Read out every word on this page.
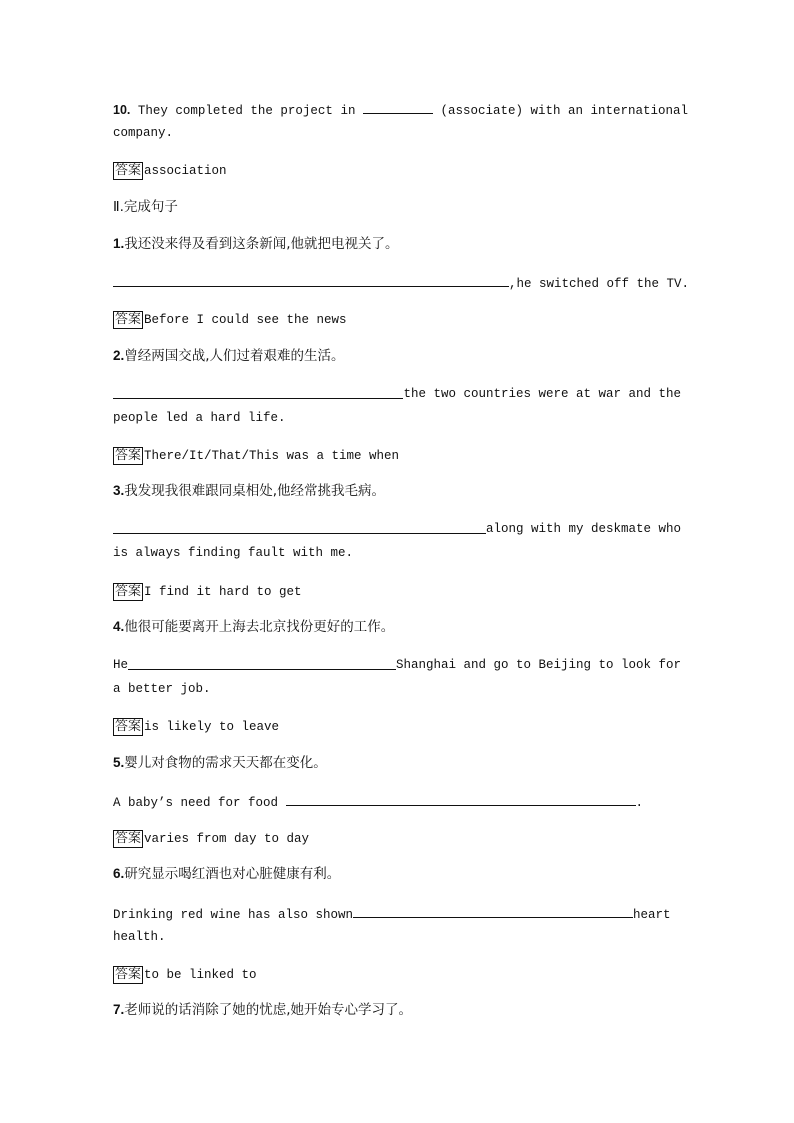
10. They completed the project in	(associate) with an international
company.
答案 association
Ⅱ.完成句子
1.我还没来得及看到这条新闻,他就把电视关了。
,he switched off the TV.
答案 Before I could see the news
2.曾经两国交战,人们过着艰难的生活。
the two countries were at war and the
people led a hard life.
答案 There/It/That/This was a time when
3.我发现我很难跟同桌相处,他经常挑我毛病。
along with my deskmate who
is always finding fault with me.
答案 I find it hard to get
4.他很可能要离开上海去北京找份更好的工作。
He	Shanghai and go to Beijing to look for
a better job.
答案 is likely to leave
5.婴儿对食物的需求天天都在变化。
A baby’s need for food	.
答案 varies from day to day
6.研究显示喝红酒也对心脏健康有利。
Drinking red wine has also shown	heart
health.
答案 to be linked to
7.老师说的话消除了她的忧虑,她开始专心学习了。
